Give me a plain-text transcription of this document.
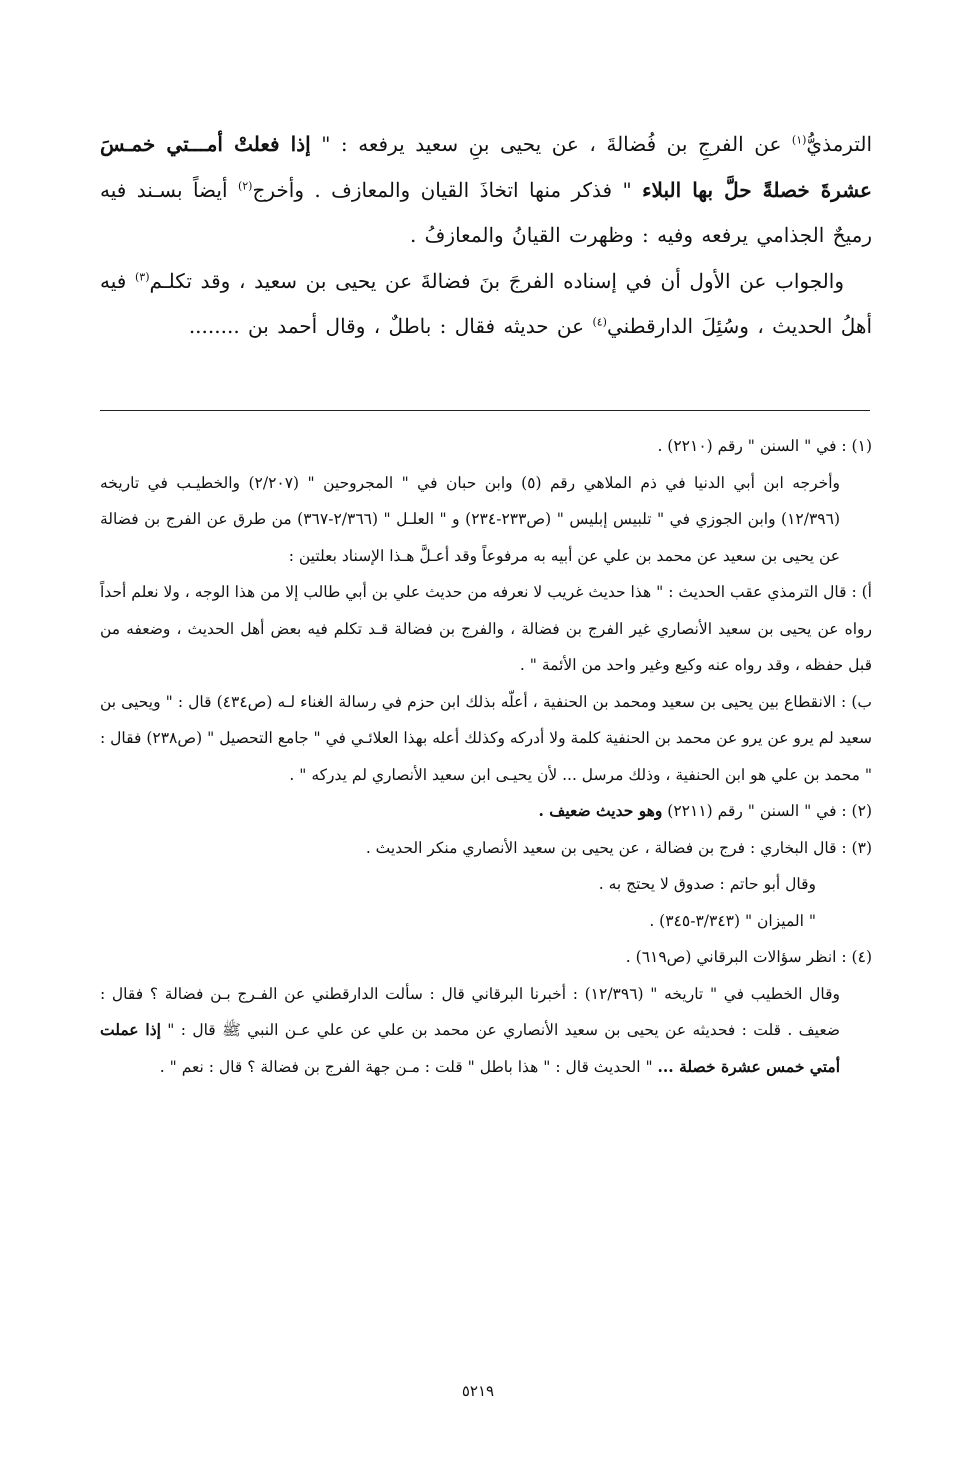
الترمذيُّ$^{(١)}$ عن الفرجِ بن فُضالةَ ، عن يحيى بنِ سعيد يرفعه : " إذا فعلتْ أمـــتي خمـسَ عشرةَ خصلةً حلَّ بها البلاء " فذكر منها اتخاذَ القيان والمعازف . وأخرج$^{(٢)}$ أيضاً بسـند فيه رميحٌ الجذامي يرفعه وفيه : وظهرت القيانُ والمعازفُ .

والجواب عن الأول أن في إسناده الفرجَ بنَ فضالةَ عن يحيى بن سعيد ، وقد تكلـم$^{(٣)}$ فيه أهلُ الحديث ، وسُئِلَ الدارقطني$^{(٤)}$ عن حديثه فقال : باطلٌ ، وقال أحمد بن ........

(١) : في " السنن " رقم (٢٢١٠) .

وأخرجه ابن أبي الدنيا في ذم الملاهي رقم (٥) وابن حبان في " المجروحين " (٢/٢٠٧) والخطيـب في تاريخه (١٢/٣٩٦) وابن الجوزي في " تلبيس إبليس " (ص٢٣٣-٢٣٤) و " العلـل " (٢/٣٦٦-٣٦٧) من طرق عن الفرج بن فضالة عن يحيى بن سعيد عن محمد بن علي عن أبيه به مرفوعاً وقد أعـلَّ هـذا الإسناد بعلتين :

أ) : قال الترمذي عقب الحديث : " هذا حديث غريب لا نعرفه من حديث علي بن أبي طالب إلا من هذا الوجه ، ولا نعلم أحداً رواه عن يحيى بن سعيد الأنصاري غير الفرج بن فضالة ، والفرج بن فضالة قـد تكلم فيه بعض أهل الحديث ، وضعفه من قبل حفظه ، وقد رواه عنه وكيع وغير واحد من الأئمة " .

ب) : الانقطاع بين يحيى بن سعيد ومحمد بن الحنفية ، أعلّه بذلك ابن حزم في رسالة الغناء لـه (ص٤٣٤) قال : " ويحيى بن سعيد لم يرو عن يرو عن محمد بن الحنفية كلمة ولا أدركه وكذلك أعله بهذا العلائـي في " جامع التحصيل " (ص٢٣٨) فقال : " محمد بن علي هو ابن الحنفية ، وذلك مرسل ... لأن يحيـى ابن سعيد الأنصاري لم يدركه " .

(٢) : في " السنن " رقم (٢٢١١) وهو حديث ضعيف .

(٣) : قال البخاري : فرج بن فضالة ، عن يحيى بن سعيد الأنصاري منكر الحديث .

وقال أبو حاتم : صدوق لا يحتج به .

" الميزان " (٣/٣٤٣-٣٤٥) .

(٤) : انظر سؤالات البرقاني (ص٦١٩) .

وقال الخطيب في " تاريخه " (١٢/٣٩٦) : أخبرنا البرقاني قال : سألت الدارقطني عن الفـرج بـن فضالة ؟ فقال : ضعيف . قلت : فحديثه عن يحيى بن سعيد الأنصاري عن محمد بن علي عن علي عـن النبي ﷺ قال : " إذا عملت أمتي خمس عشرة خصلة ... " الحديث قال : " هذا باطل " قلت : مـن جهة الفرج بن فضالة ؟ قال : نعم " .

٥٢١٩
